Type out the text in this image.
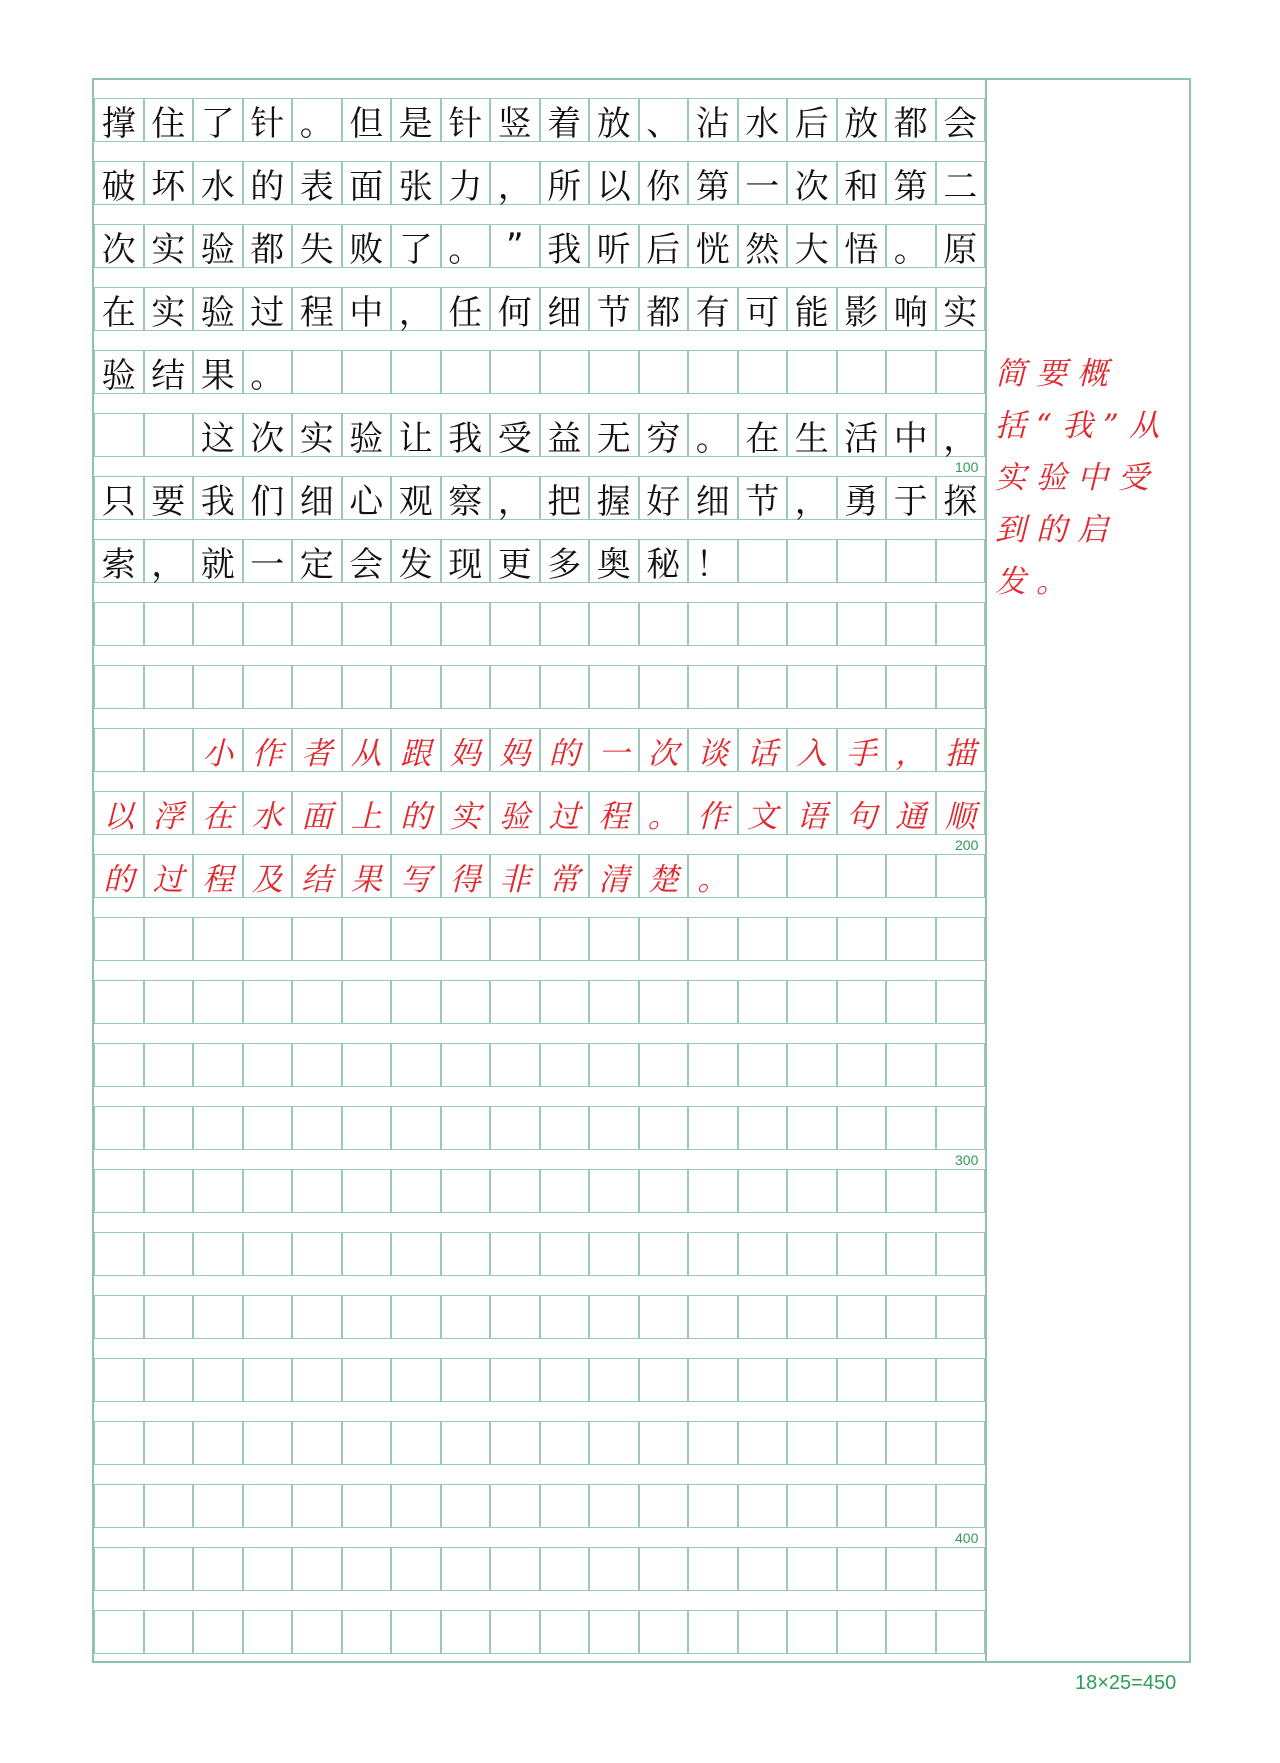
撑 住 了 针 。 但 是 针 竖 着 放 、 沾 水 后 放 都 会
破 坏 水 的 表 面 张 力 ， 所 以 你 第 一 次 和 第 二
次 实 验 都 失 败 了 。 ” 我 听 后 恍 然 大 悟 。 原
在 实 验 过 程 中 ， 任 何 细 节 都 有 可 能 影 响 实
验 结 果 。
这 次 实 验 让 我 受 益 无 穷 。 在 生 活 中 ，
只 要 我 们 细 心 观 察 ， 把 握 好 细 节 ， 勇 于 探
索 ， 就 一 定 会 发 现 更 多 奥 秘 ！
小 作 者 从 跟 妈 妈 的 一 次 谈 话 入 手 ， 描
以 浮 在 水 面 上 的 实 验 过 程 。 作 文 语 句 通 顺
的 过 程 及 结 果 写 得 非 常 清 楚 。
100
200
300
400
简要概括“我”从实验中受到的启发。
18×25=450
